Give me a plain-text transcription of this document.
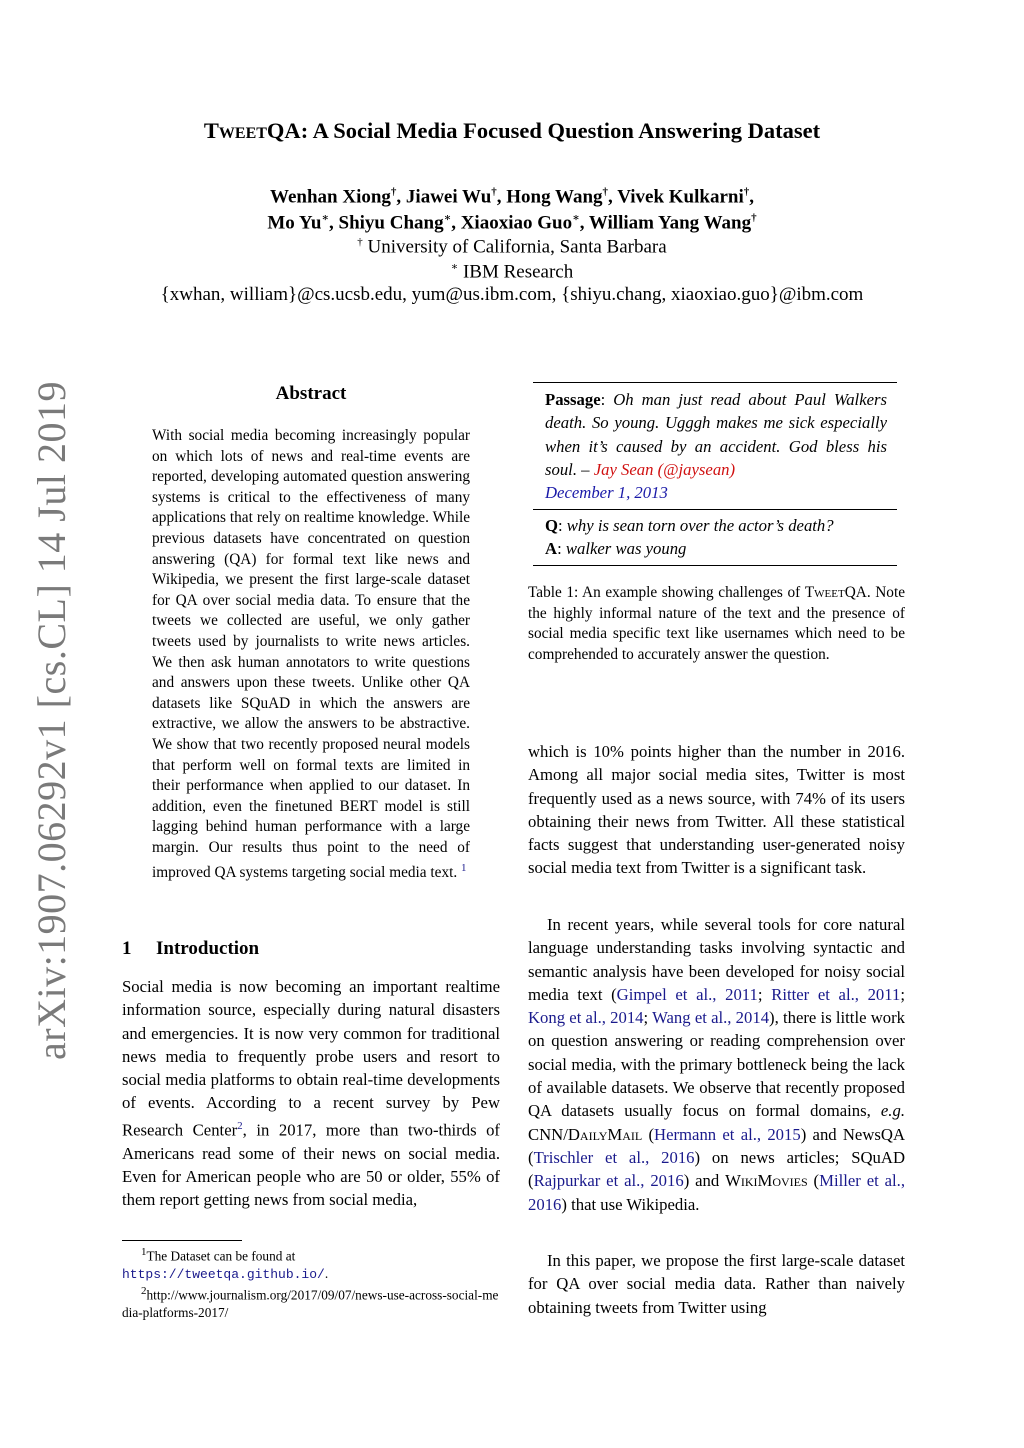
arXiv:1907.06292v1 [cs.CL] 14 Jul 2019
TweetQA: A Social Media Focused Question Answering Dataset
Wenhan Xiong†, Jiawei Wu†, Hong Wang†, Vivek Kulkarni†,
Mo Yu∗, Shiyu Chang∗, Xiaoxiao Guo∗, William Yang Wang†
† University of California, Santa Barbara
∗ IBM Research
{xwhan, william}@cs.ucsb.edu, yum@us.ibm.com, {shiyu.chang, xiaoxiao.guo}@ibm.com
Abstract
With social media becoming increasingly popular on which lots of news and real-time events are reported, developing automated question answering systems is critical to the effectiveness of many applications that rely on realtime knowledge. While previous datasets have concentrated on question answering (QA) for formal text like news and Wikipedia, we present the first large-scale dataset for QA over social media data. To ensure that the tweets we collected are useful, we only gather tweets used by journalists to write news articles. We then ask human annotators to write questions and answers upon these tweets. Unlike other QA datasets like SQuAD in which the answers are extractive, we allow the answers to be abstractive. We show that two recently proposed neural models that perform well on formal texts are limited in their performance when applied to our dataset. In addition, even the finetuned BERT model is still lagging behind human performance with a large margin. Our results thus point to the need of improved QA systems targeting social media text. $^1$
1 Introduction
Social media is now becoming an important realtime information source, especially during natural disasters and emergencies. It is now very common for traditional news media to frequently probe users and resort to social media platforms to obtain real-time developments of events. According to a recent survey by Pew Research Center$^2$, in 2017, more than two-thirds of Americans read some of their news on social media. Even for American people who are 50 or older, 55% of them report getting news from social media,
$^1$The Dataset can be found at https://tweetqa.github.io/.
$^2$http://www.journalism.org/2017/09/07/news-use-across-social-media-platforms-2017/
Passage: Oh man just read about Paul Walkers death. So young. Ugggh makes me sick especially when it’s caused by an accident. God bless his soul. – Jay Sean (@jaysean)
December 1, 2013
Q: why is sean torn over the actor’s death?
A: walker was young
Table 1: An example showing challenges of TweetQA. Note the highly informal nature of the text and the presence of social media specific text like usernames which need to be comprehended to accurately answer the question.
which is 10% points higher than the number in 2016. Among all major social media sites, Twitter is most frequently used as a news source, with 74% of its users obtaining their news from Twitter. All these statistical facts suggest that understanding user-generated noisy social media text from Twitter is a significant task.
In recent years, while several tools for core natural language understanding tasks involving syntactic and semantic analysis have been developed for noisy social media text (Gimpel et al., 2011; Ritter et al., 2011; Kong et al., 2014; Wang et al., 2014), there is little work on question answering or reading comprehension over social media, with the primary bottleneck being the lack of available datasets. We observe that recently proposed QA datasets usually focus on formal domains, e.g. CNN/DailyMail (Hermann et al., 2015) and NewsQA (Trischler et al., 2016) on news articles; SQuAD (Rajpurkar et al., 2016) and WikiMovies (Miller et al., 2016) that use Wikipedia.
In this paper, we propose the first large-scale dataset for QA over social media data. Rather than naively obtaining tweets from Twitter using
